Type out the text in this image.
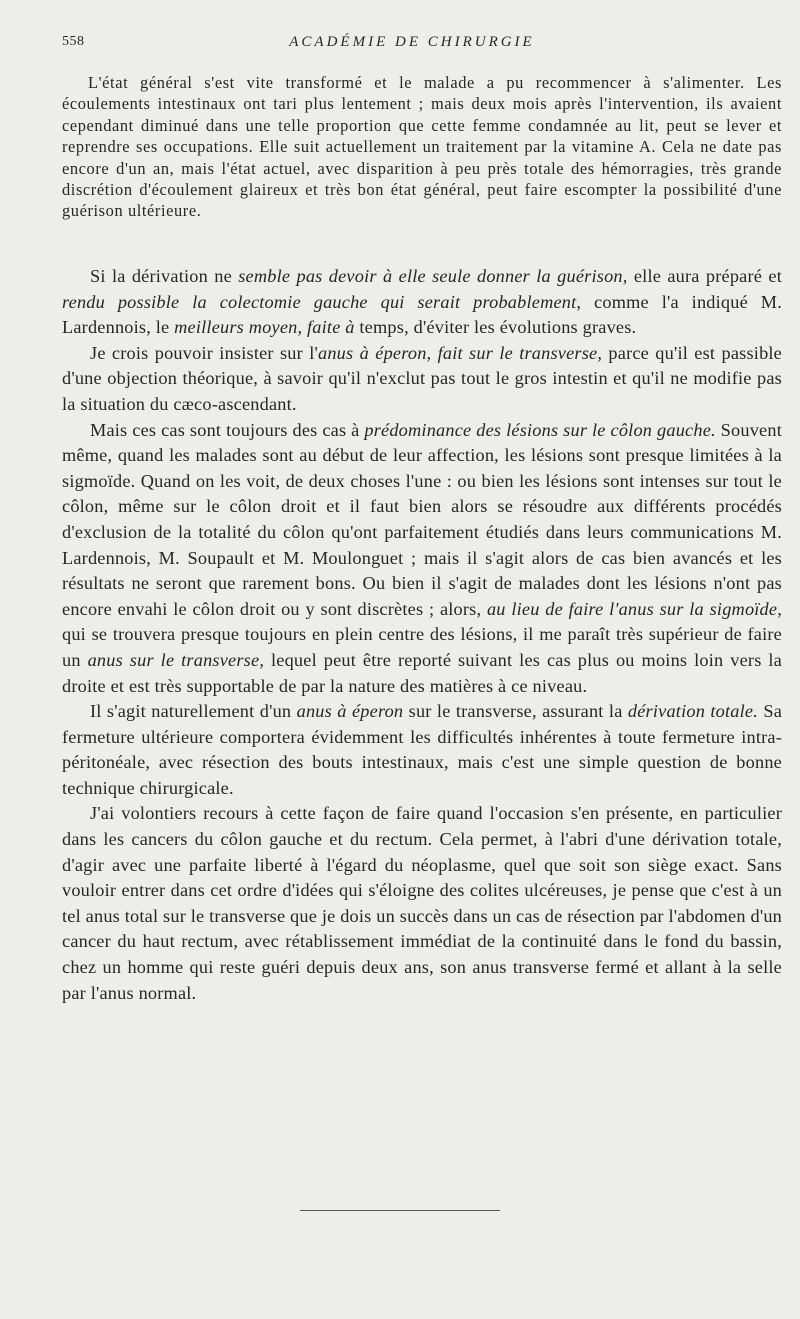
558	ACADÉMIE DE CHIRURGIE

L'état général s'est vite transformé et le malade a pu recommencer à s'alimenter. Les écoulements intestinaux ont tari plus lentement ; mais deux mois après l'intervention, ils avaient cependant diminué dans une telle proportion que cette femme condamnée au lit, peut se lever et reprendre ses occupations. Elle suit actuellement un traitement par la vitamine A. Cela ne date pas encore d'un an, mais l'état actuel, avec disparition à peu près totale des hémorragies, très grande discrétion d'écoulement glaireux et très bon état général, peut faire escompter la possibilité d'une guérison ultérieure.

Si la dérivation ne semble pas devoir à elle seule donner la guérison, elle aura préparé et rendu possible la colectomie gauche qui serait probablement, comme l'a indiqué M. Lardennois, le meilleurs moyen, faite à temps, d'éviter les évolutions graves.

Je crois pouvoir insister sur l'anus à éperon, fait sur le transverse, parce qu'il est passible d'une objection théorique, à savoir qu'il n'exclut pas tout le gros intestin et qu'il ne modifie pas la situation du cæco-ascendant.

Mais ces cas sont toujours des cas à prédominance des lésions sur le côlon gauche. Souvent même, quand les malades sont au début de leur affection, les lésions sont presque limitées à la sigmoïde. Quand on les voit, de deux choses l'une : ou bien les lésions sont intenses sur tout le côlon, même sur le côlon droit et il faut bien alors se résoudre aux différents procédés d'exclusion de la totalité du côlon qu'ont parfaitement étudiés dans leurs communications M. Lardennois, M. Soupault et M. Moulonguet ; mais il s'agit alors de cas bien avancés et les résultats ne seront que rarement bons. Ou bien il s'agit de malades dont les lésions n'ont pas encore envahi le côlon droit ou y sont discrètes ; alors, au lieu de faire l'anus sur la sigmoïde, qui se trouvera presque toujours en plein centre des lésions, il me paraît très supérieur de faire un anus sur le transverse, lequel peut être reporté suivant les cas plus ou moins loin vers la droite et est très supportable de par la nature des matières à ce niveau.

Il s'agit naturellement d'un anus à éperon sur le transverse, assurant la dérivation totale. Sa fermeture ultérieure comportera évidemment les difficultés inhérentes à toute fermeture intra-péritonéale, avec résection des bouts intestinaux, mais c'est une simple question de bonne technique chirurgicale.

J'ai volontiers recours à cette façon de faire quand l'occasion s'en présente, en particulier dans les cancers du côlon gauche et du rectum. Cela permet, à l'abri d'une dérivation totale, d'agir avec une parfaite liberté à l'égard du néoplasme, quel que soit son siège exact. Sans vouloir entrer dans cet ordre d'idées qui s'éloigne des colites ulcéreuses, je pense que c'est à un tel anus total sur le transverse que je dois un succès dans un cas de résection par l'abdomen d'un cancer du haut rectum, avec rétablissement immédiat de la continuité dans le fond du bassin, chez un homme qui reste guéri depuis deux ans, son anus transverse fermé et allant à la selle par l'anus normal.
